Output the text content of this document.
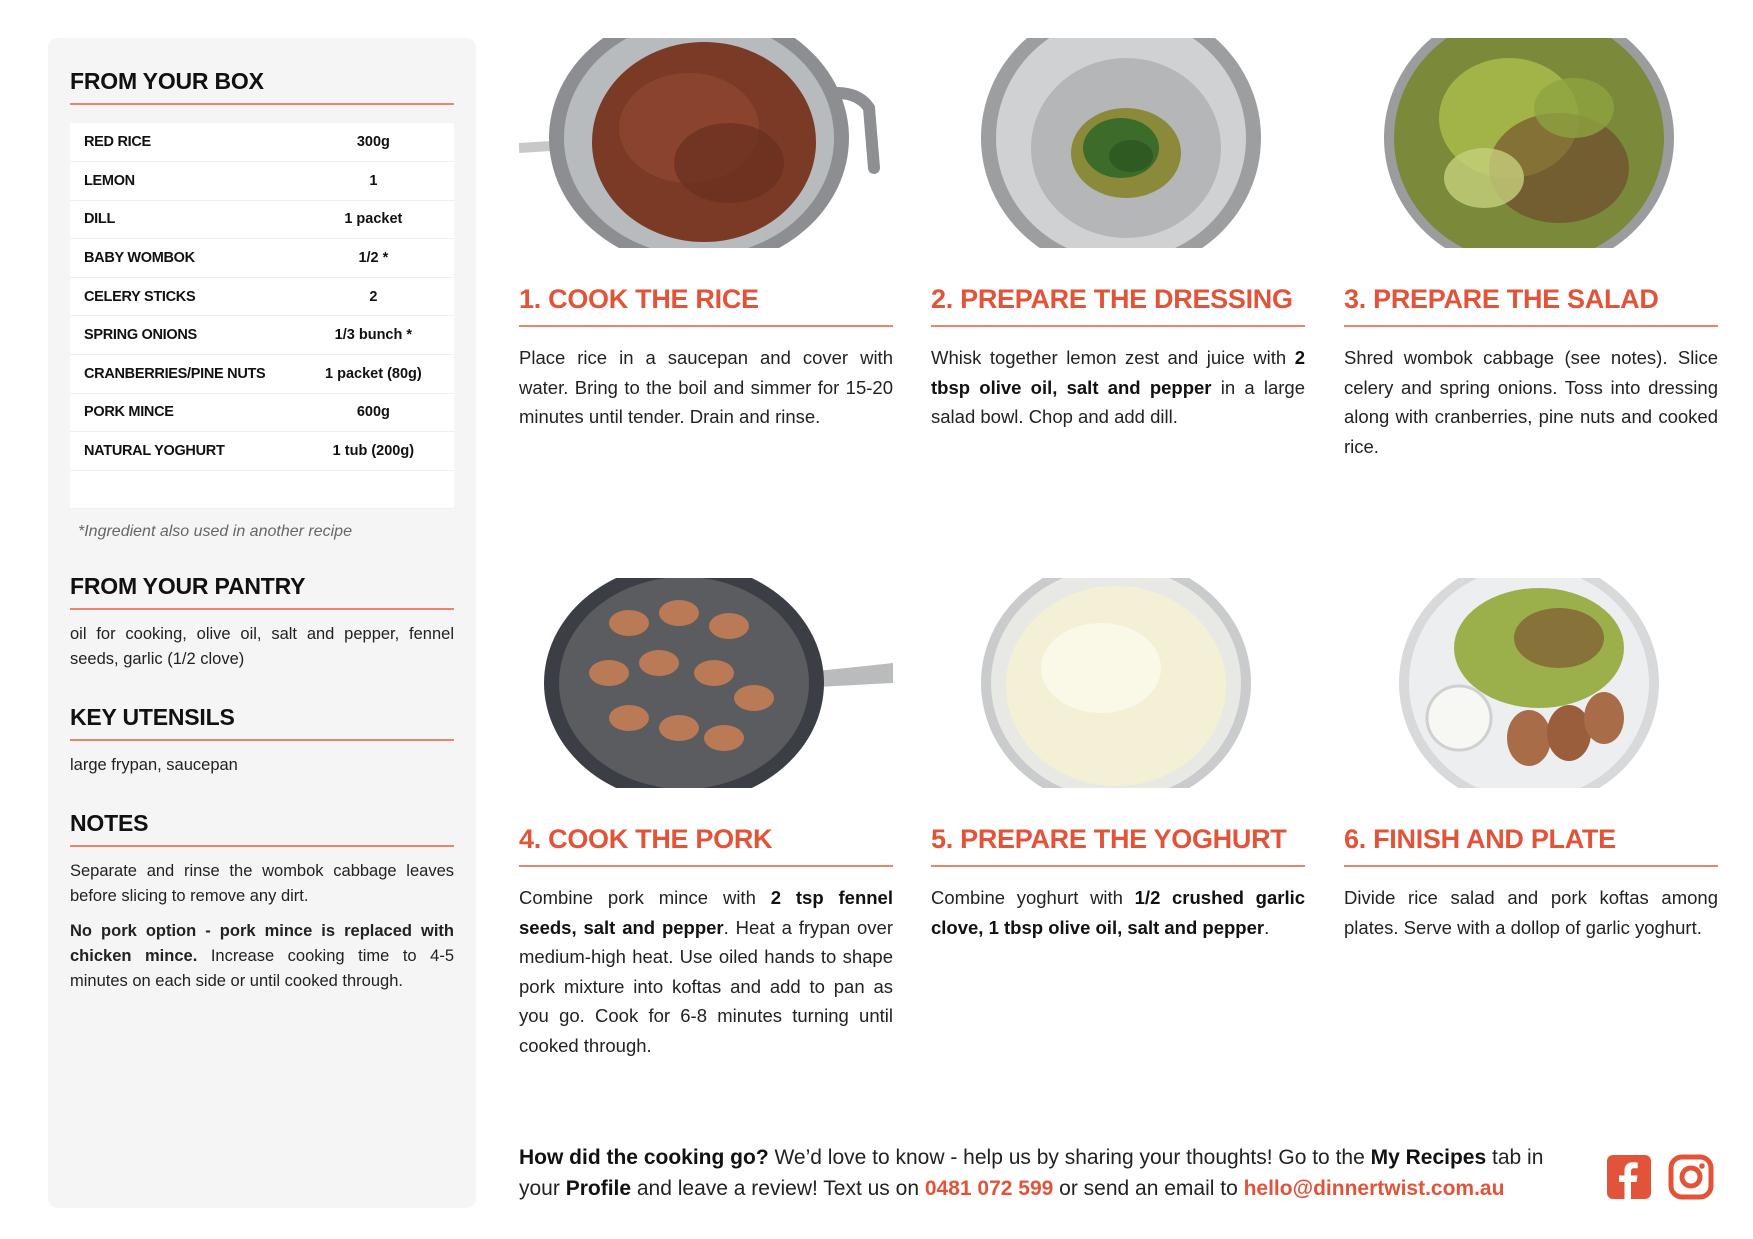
FROM YOUR BOX
RED RICE	300g
LEMON	1
DILL	1 packet
BABY WOMBOK	1/2 *
CELERY STICKS	2
SPRING ONIONS	1/3 bunch *
CRANBERRIES/PINE NUTS	1 packet (80g)
PORK MINCE	600g
NATURAL YOGHURT	1 tub (200g)

*Ingredient also used in another recipe
FROM YOUR PANTRY

oil for cooking, olive oil, salt and pepper, fennel seeds, garlic (1/2 clove)

KEY UTENSILS

large frypan, saucepan

NOTES

Separate and rinse the wombok cabbage leaves before slicing to remove any dirt.

No pork option - pork mince is replaced with chicken mince. Increase cooking time to 4-5 minutes on each side or until cooked through.

1. COOK THE RICE

Place rice in a saucepan and cover with water. Bring to the boil and simmer for 15-20 minutes until tender. Drain and rinse.

2. PREPARE THE DRESSING

Whisk together lemon zest and juice with 2 tbsp olive oil, salt and pepper in a large salad bowl. Chop and add dill.

3. PREPARE THE SALAD

Shred wombok cabbage (see notes). Slice celery and spring onions. Toss into dressing along with cranberries, pine nuts and cooked rice.

4. COOK THE PORK

Combine pork mince with 2 tsp fennel seeds, salt and pepper. Heat a frypan over medium-high heat. Use oiled hands to shape pork mixture into koftas and add to pan as you go. Cook for 6-8 minutes turning until cooked through.

5. PREPARE THE YOGHURT

Combine yoghurt with 1/2 crushed garlic clove, 1 tbsp olive oil, salt and pepper.

6. FINISH AND PLATE

Divide rice salad and pork koftas among plates. Serve with a dollop of garlic yoghurt.

How did the cooking go? We’d love to know - help us by sharing your thoughts! Go to the My Recipes tab in your Profile and leave a review! Text us on 0481 072 599 or send an email to hello@dinnertwist.com.au
